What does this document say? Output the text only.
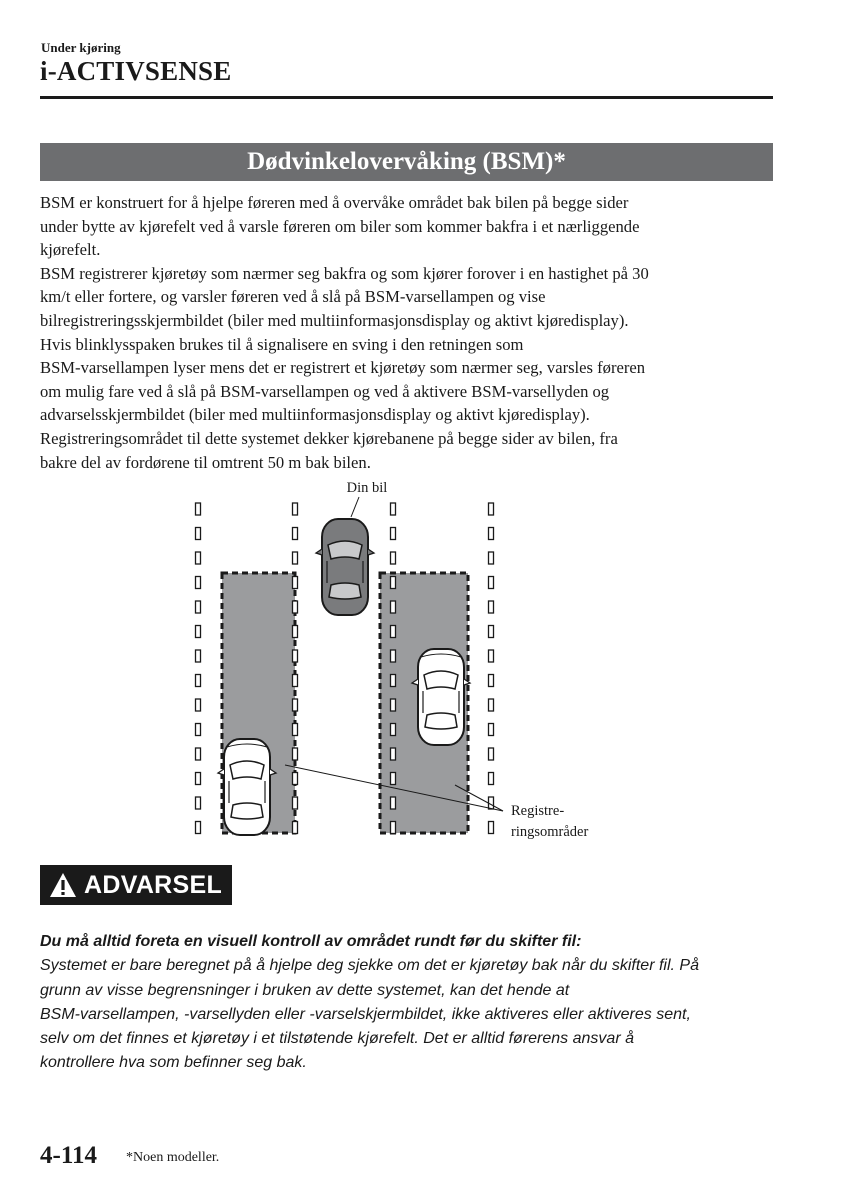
Under kjøring
i-ACTIVSENSE
Dødvinkelovervåking (BSM)*

BSM er konstruert for å hjelpe føreren med å overvåke området bak bilen på begge sider

under bytte av kjørefelt ved å varsle føreren om biler som kommer bakfra i et nærliggende

kjørefelt.

BSM registrerer kjøretøy som nærmer seg bakfra og som kjører forover i en hastighet på 30

km/t eller fortere, og varsler føreren ved å slå på BSM-varsellampen og vise

bilregistreringsskjermbildet (biler med multiinformasjonsdisplay og aktivt kjøredisplay).

Hvis blinklysspaken brukes til å signalisere en sving i den retningen som

BSM-varsellampen lyser mens det er registrert et kjøretøy som nærmer seg, varsles føreren

om mulig fare ved å slå på BSM-varsellampen og ved å aktivere BSM-varsellyden og

advarselsskjermbildet (biler med multiinformasjonsdisplay og aktivt kjøredisplay).

Registreringsområdet til dette systemet dekker kjørebanene på begge sider av bilen, fra

bakre del av fordørene til omtrent 50 m bak bilen.

Din bil
Registre-
ringsområder
ADVARSEL
Du må alltid foreta en visuell kontroll av området rundt før du skifter fil:
Systemet er bare beregnet på å hjelpe deg sjekke om det er kjøretøy bak når du skifter fil. På
grunn av visse begrensninger i bruken av dette systemet, kan det hende at
BSM-varsellampen, -varsellyden eller -varselskjermbildet, ikke aktiveres eller aktiveres sent,
selv om det finnes et kjøretøy i et tilstøtende kjørefelt. Det er alltid førerens ansvar å
kontrollere hva som befinner seg bak.
4-114 *Noen modeller.
